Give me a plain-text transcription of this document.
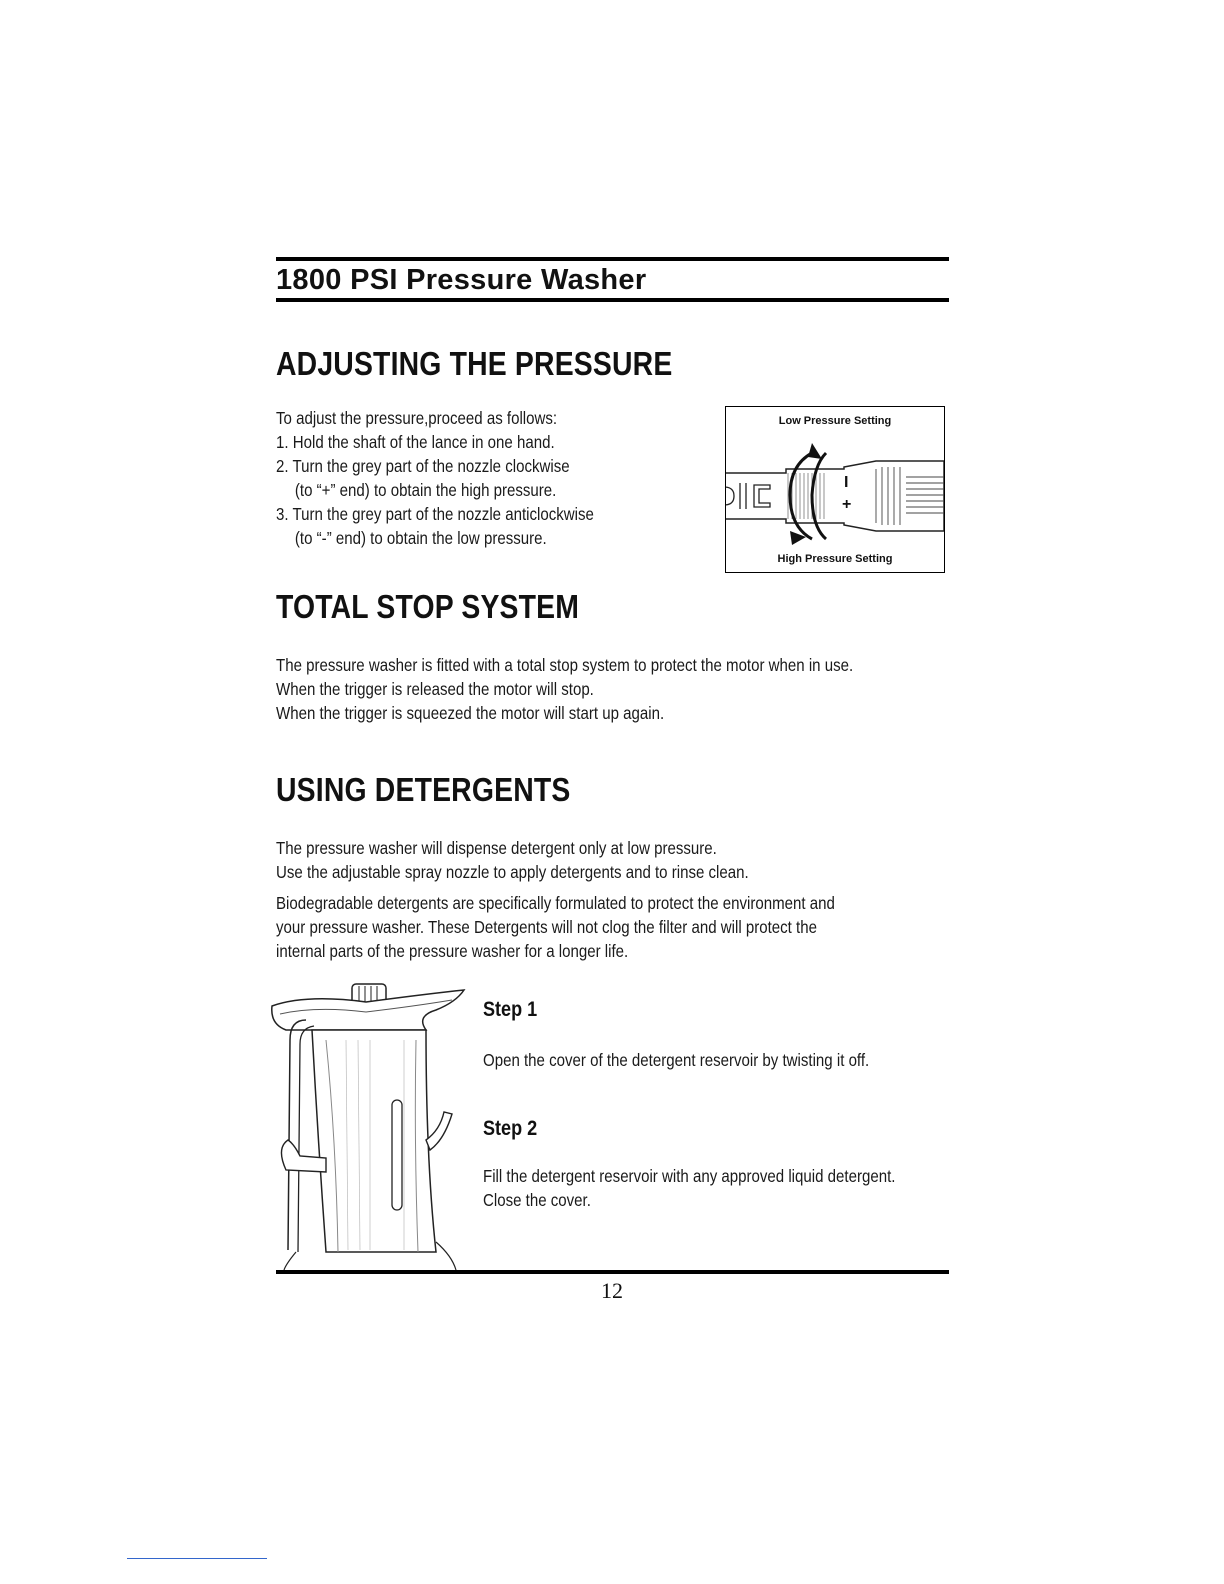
1800 PSI Pressure Washer
ADJUSTING THE PRESSURE
To adjust the pressure,proceed as follows:
1. Hold the shaft of the lance in one hand.
2. Turn the grey part of the nozzle clockwise
(to “+” end) to obtain the high pressure.
3. Turn the grey part of the nozzle anticlockwise
(to “-” end) to obtain the low pressure.
Low Pressure Setting
I
+
High Pressure Setting
TOTAL STOP SYSTEM
The pressure washer is fitted with a total stop system to protect the motor when in use.
When the trigger is released the motor will stop.
When the trigger is squeezed the motor will start up again.
USING DETERGENTS
The pressure washer will dispense detergent only at low pressure.
Use the adjustable spray nozzle to apply detergents and to rinse clean.
Biodegradable detergents are specifically formulated to protect the environment and
your pressure washer. These Detergents will not clog the filter and will protect the
internal parts of the pressure washer for a longer life.
Step 1
Open the cover of the detergent reservoir by twisting it off.
Step 2
Fill the detergent reservoir with any approved liquid detergent.
Close the cover.
12
